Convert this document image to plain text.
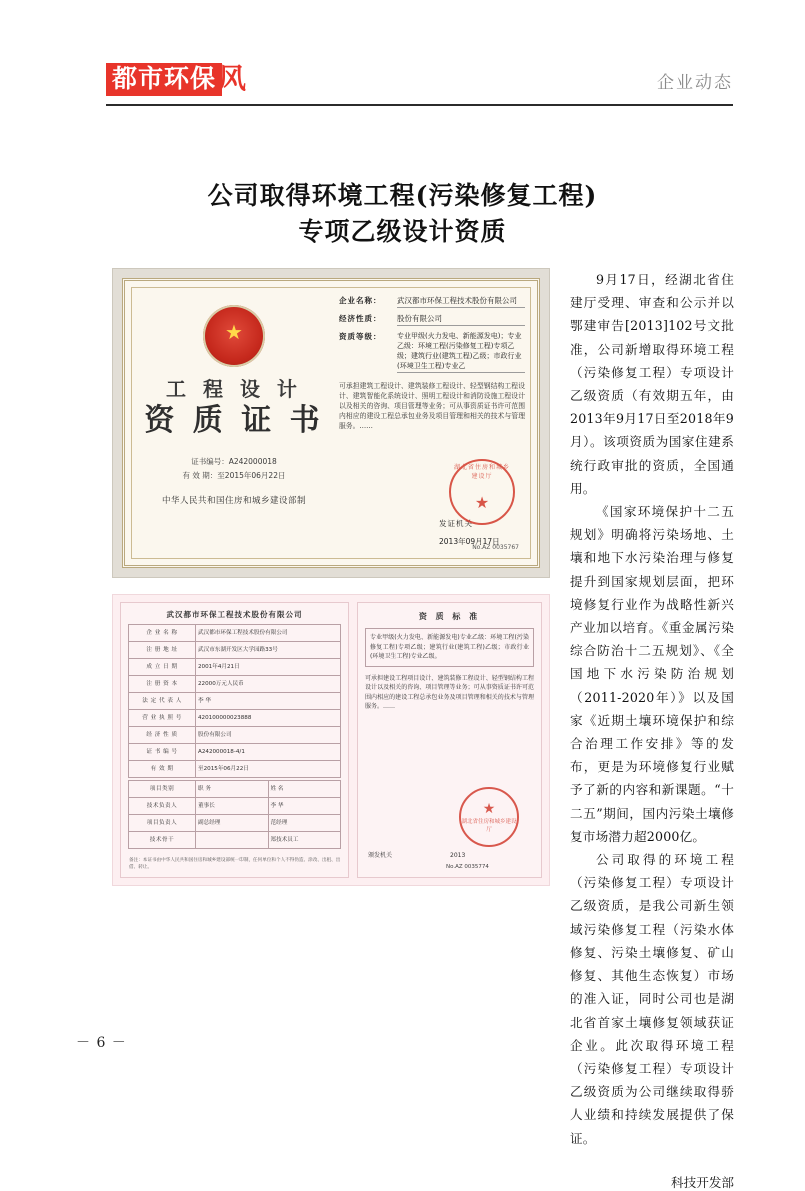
都市环保 风	企业动态
公司取得环境工程(污染修复工程)
专项乙级设计资质
★
工 程 设 计
资 质 证 书
证书编号：A242000018
有 效 期：至2015年06月22日
中华人民共和国住房和城乡建设部制
企业名称：	武汉都市环保工程技术股份有限公司
经济性质：	股份有限公司
资质等级：	专业甲级(火力发电、新能源发电)；专业乙级：环境工程(污染修复工程)专项乙级；建筑行业(建筑工程)乙级；市政行业(环境卫生工程)专业乙
可承担建筑工程设计、建筑装修工程设计、轻型钢结构工程设计、建筑智能化系统设计、照明工程设计和消防设施工程设计以及相关的咨询、项目管理等业务；可从事资质证书许可范围内相应的建设工程总承包业务及项目管理和相关的技术与管理服务。……
发证机关
2013年09月17日
湖北省住房和城乡建设厅
★
No.AZ 0035767
武汉都市环保工程技术股份有限公司
企 业 名 称	武汉都市环保工程技术股份有限公司
注 册 地 址	武汉市东湖开发区大学园路33号
成 立 日 期	2001年4月21日
注 册 资 本	22000万元人民币
法 定 代 表 人	李 华
营 业 执 照 号	420100000023888
经 济 性 质	股份有限公司
证 书 编 号	A242000018-4/1
有 效 期	至2015年06月22日
项目类别	职 务	姓 名
技术负责人	董事长	李 华
项目负责人	副总经理	范经理
技术骨干		郑技术员工
备注：本证书由中华人民共和国住房和城乡建设部统一印制，任何单位和个人不得伪造、涂改、出租、出借、转让。
资 质 标 准
专业甲级(火力发电、新能源发电)专业乙级：环境工程(污染修复工程)专项乙级；建筑行业(建筑工程)乙级；市政行业(环境卫生工程)专业乙级。
可承担建设工程项目设计、建筑装修工程设计、轻型钢结构工程设计以及相关的咨询、项目管理等业务；可从事资质证书许可范围内相应的建设工程总承包业务及项目管理和相关的技术与管理服务。……
★
湖北省住房和城乡建设厅
颁发机关	2013
No.AZ 0035774

9月17日，经湖北省住建厅受理、审查和公示并以鄂建审告[2013]102号文批准，公司新增取得环境工程（污染修复工程）专项设计乙级资质（有效期五年，由2013年9月17日至2018年9月）。该项资质为国家住建系统行政审批的资质，全国通用。

《国家环境保护十二五规划》明确将污染场地、土壤和地下水污染治理与修复提升到国家规划层面，把环境修复行业作为战略性新兴产业加以培育。《重金属污染综合防治十二五规划》、《全国地下水污染防治规划（2011-2020年）》以及国家《近期土壤环境保护和综合治理工作安排》等的发布，更是为环境修复行业赋予了新的内容和新课题。“十二五”期间，国内污染土壤修复市场潜力超2000亿。

公司取得的环境工程（污染修复工程）专项设计乙级资质，是我公司新生领域污染修复工程（污染水体修复、污染土壤修复、矿山修复、其他生态恢复）市场的准入证，同时公司也是湖北省首家土壤修复领域获证企业。此次取得环境工程（污染修复工程）专项设计乙级资质为公司继续取得骄人业绩和持续发展提供了保证。

科技开发部
－ 6 －
